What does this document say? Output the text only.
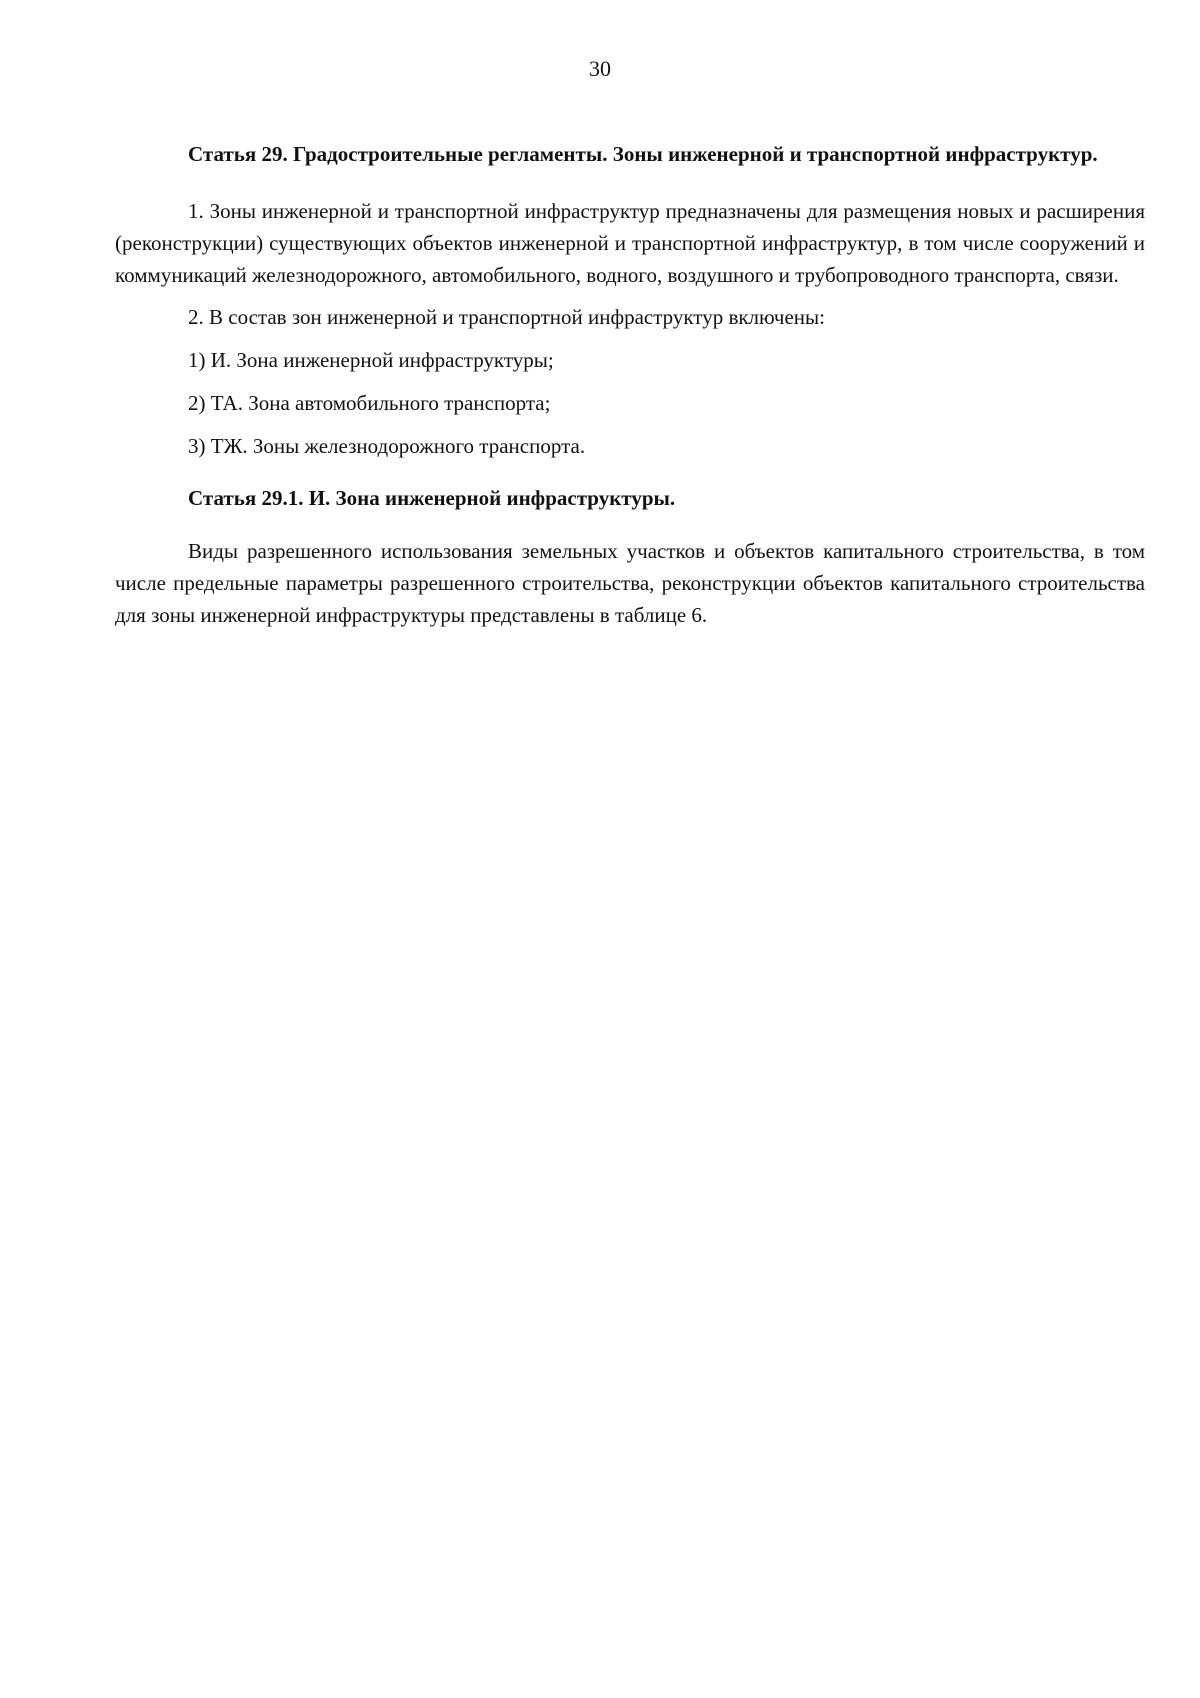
30

Статья 29. Градостроительные регламенты. Зоны инженерной и транспортной инфраструктур.

1. Зоны инженерной и транспортной инфраструктур предназначены для размещения новых и расширения (реконструкции) существующих объектов инженерной и транспортной инфраструктур, в том числе сооружений и коммуникаций железнодорожного, автомобильного, водного, воздушного и трубопроводного транспорта, связи.

2. В состав зон инженерной и транспортной инфраструктур включены:

1) И. Зона инженерной инфраструктуры;

2) ТА. Зона автомобильного транспорта;

3) ТЖ. Зоны железнодорожного транспорта.

Статья 29.1. И. Зона инженерной инфраструктуры.

Виды разрешенного использования земельных участков и объектов капитального строительства, в том числе предельные параметры разрешенного строительства, реконструкции объектов капитального строительства для зоны инженерной инфраструктуры представлены в таблице 6.
